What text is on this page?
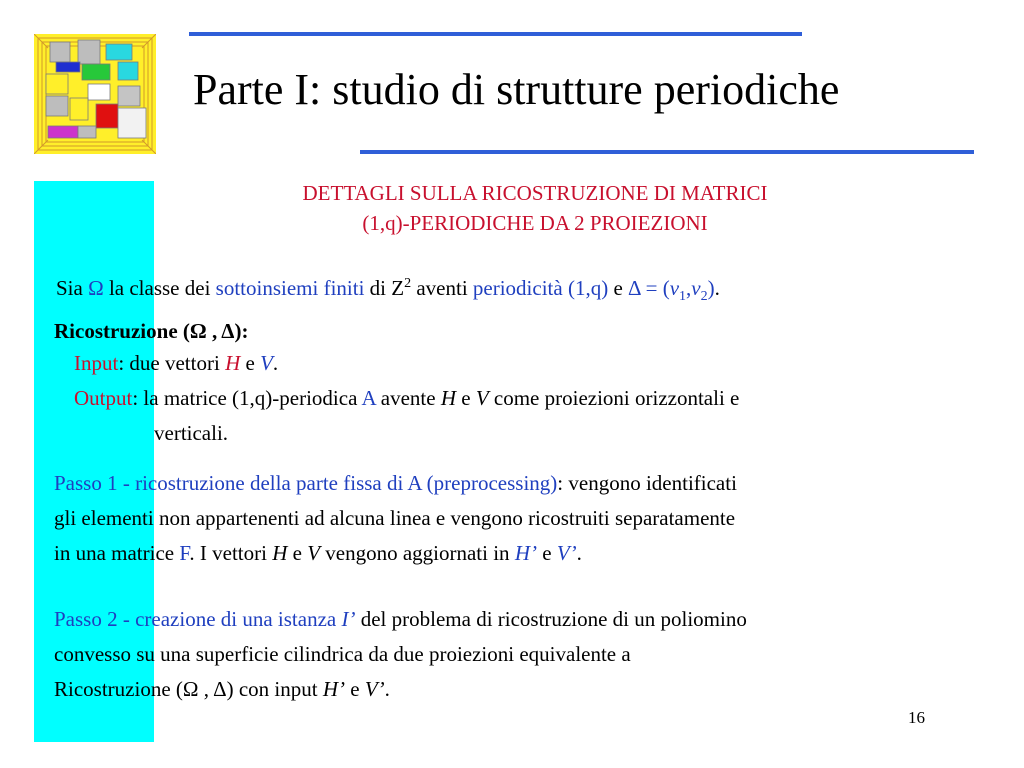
Parte I: studio di strutture periodiche
DETTAGLI SULLA RICOSTRUZIONE DI MATRICI
(1,q)-PERIODICHE DA 2 PROIEZIONI
Sia Ω la classe dei sottoinsiemi finiti di $Z^2$ aventi periodicità (1,q) e $\Delta = (v_1,v_2)$.
Ricostruzione (Ω , Δ):
Input: due vettori H e V.
Output: la matrice (1,q)-periodica A avente H e V come proiezioni orizzontali e
verticali.
Passo 1 - ricostruzione della parte fissa di A (preprocessing): vengono identificati
gli elementi non appartenenti ad alcuna linea e vengono ricostruiti separatamente
in una matrice F. I vettori H e V vengono aggiornati in H’ e V’.
Passo 2 - creazione di una istanza I’ del problema di ricostruzione di un poliomino
convesso su una superficie cilindrica da due proiezioni equivalente a
Ricostruzione (Ω , Δ) con input H’ e V’.
16
